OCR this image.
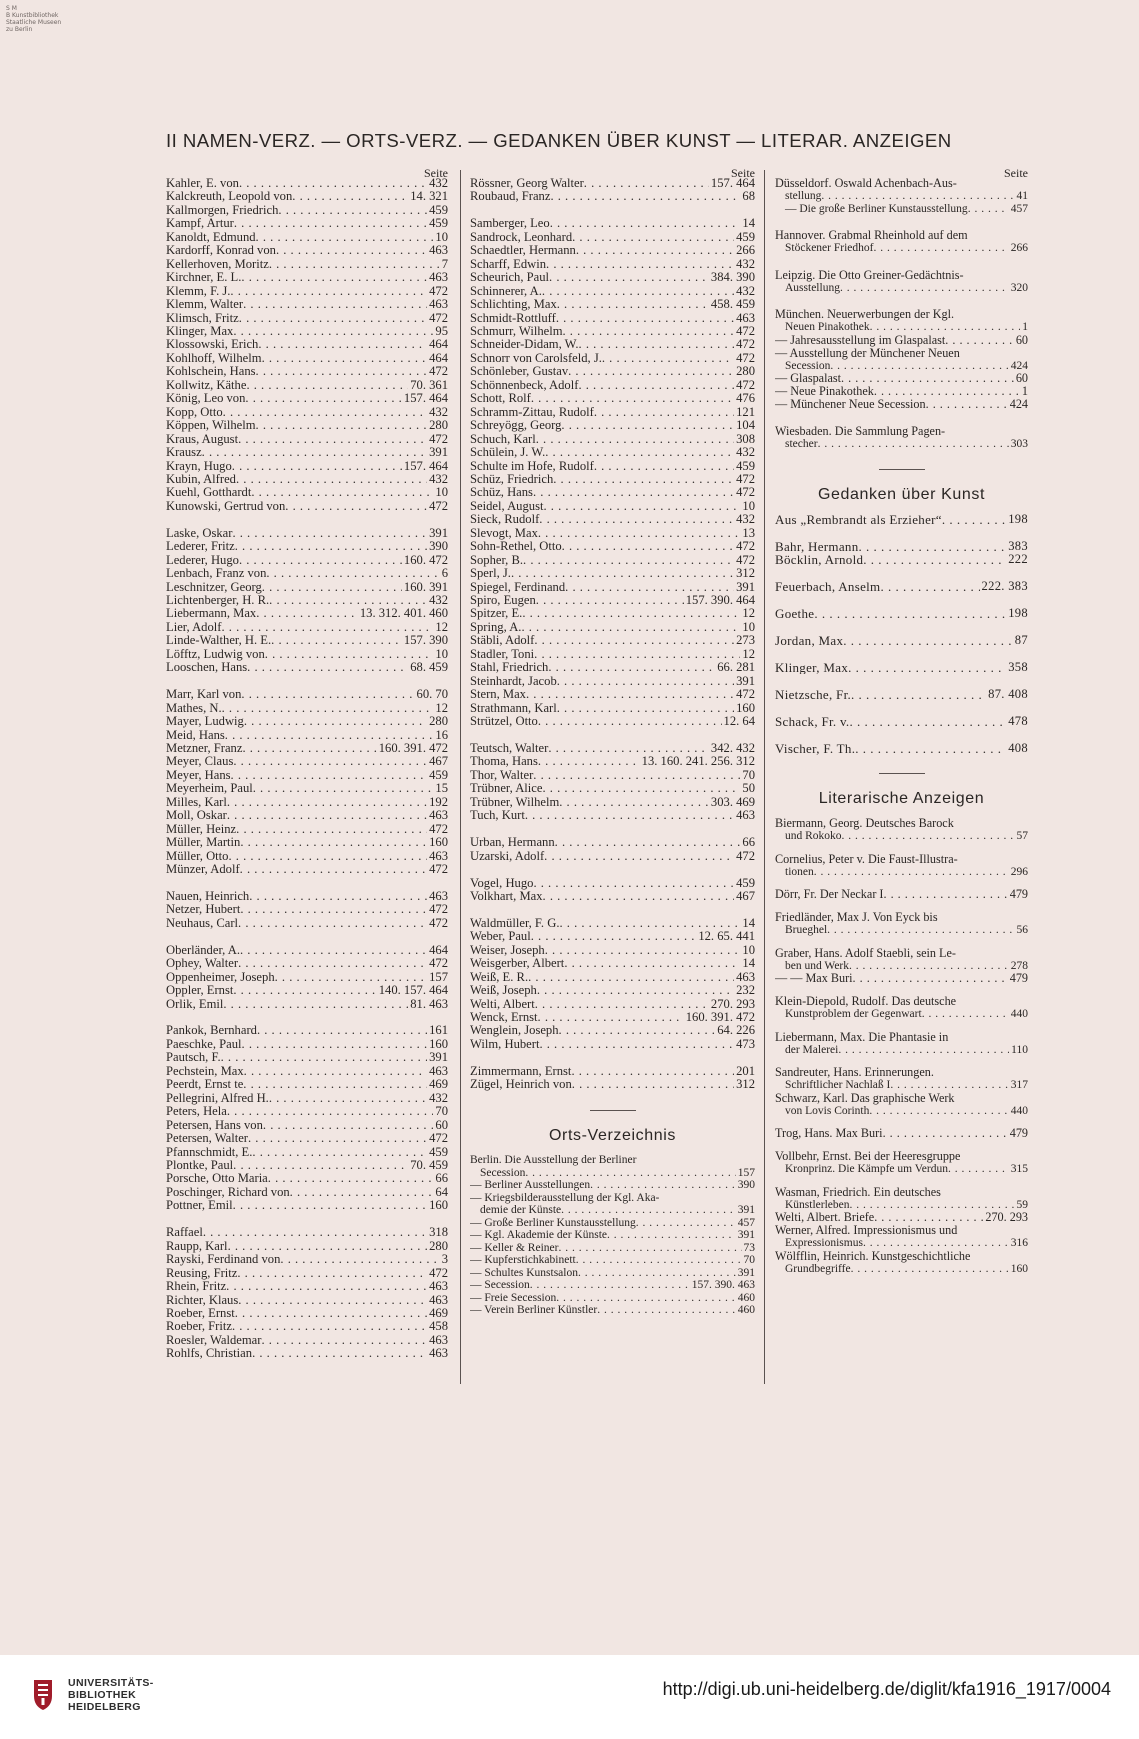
S M
B Kunstbibliothek
Staatliche Museen
zu Berlin
II NAMEN-VERZ. — ORTS-VERZ. — GEDANKEN ÜBER KUNST — LITERAR. ANZEIGEN
Seite
Kahler, E. von . . .	432
Kalckreuth, Leopold von . . .	14. 321
Kallmorgen, Friedrich . . .	459
Kampf, Artur . . .	459
Kanoldt, Edmund . . .	10
Kardorff, Konrad von . . .	463
Kellerhoven, Moritz . . .	7
Kirchner, E. L. . . .	463
Klemm, F. J. . . .	472
Klemm, Walter . . .	463
Klimsch, Fritz . . .	472
Klinger, Max . . .	95
Klossowski, Erich . . .	464
Kohlhoff, Wilhelm . . .	464
Kohlschein, Hans . . .	472
Kollwitz, Käthe . . .	70. 361
König, Leo von . . .	157. 464
Kopp, Otto . . .	432
Köppen, Wilhelm . . .	280
Kraus, August . . .	472
Krausz . . .	391
Krayn, Hugo . . .	157. 464
Kubin, Alfred . . .	432
Kuehl, Gotthardt . . .	10
Kunowski, Gertrud von . . .	472
Laske, Oskar . . .	391
Lederer, Fritz . . .	390
Lederer, Hugo . . .	160. 472
Lenbach, Franz von . . .	6
Leschnitzer, Georg . . .	160. 391
Lichtenberger, H. R. . . .	432
Liebermann, Max . . .	13. 312. 401. 460
Lier, Adolf . . .	12
Linde-Walther, H. E. . . .	157. 390
Löfftz, Ludwig von . . .	10
Looschen, Hans . . .	68. 459
Marr, Karl von . . .	60. 70
Mathes, N. . . .	12
Mayer, Ludwig . . .	280
Meid, Hans . . .	16
Metzner, Franz . . .	160. 391. 472
Meyer, Claus . . .	467
Meyer, Hans . . .	459
Meyerheim, Paul . . .	15
Milles, Karl . . .	192
Moll, Oskar . . .	463
Müller, Heinz . . .	472
Müller, Martin . . .	160
Müller, Otto . . .	463
Münzer, Adolf . . .	472
Nauen, Heinrich . . .	463
Netzer, Hubert . . .	472
Neuhaus, Carl . . .	472
Oberländer, A. . . .	464
Ophey, Walter . . .	472
Oppenheimer, Joseph . . .	157
Oppler, Ernst . . .	140. 157. 464
Orlik, Emil . . .	81. 463
Pankok, Bernhard . . .	161
Paeschke, Paul . . .	160
Pautsch, F. . . .	391
Pechstein, Max . . .	463
Peerdt, Ernst te . . .	469
Pellegrini, Alfred H. . . .	432
Peters, Hela . . .	70
Petersen, Hans von . . .	60
Petersen, Walter . . .	472
Pfannschmidt, E. . . .	459
Plontke, Paul . . .	70. 459
Porsche, Otto Maria . . .	66
Poschinger, Richard von . . .	64
Pottner, Emil . . .	160
Raffael . . .	318
Raupp, Karl . . .	280
Rayski, Ferdinand von . . .	3
Reusing, Fritz . . .	472
Rhein, Fritz . . .	463
Richter, Klaus . . .	463
Roeber, Ernst . . .	469
Roeber, Fritz . . .	458
Roesler, Waldemar . . .	463
Rohlfs, Christian . . .	463
Seite
Rössner, Georg Walter . . .	157. 464
Roubaud, Franz . . .	68
Samberger, Leo . . .	14
Sandrock, Leonhard . . .	459
Schaedtler, Hermann . . .	266
Scharff, Edwin . . .	432
Scheurich, Paul . . .	384. 390
Schinnerer, A. . . .	432
Schlichting, Max . . .	458. 459
Schmidt-Rottluff . . .	463
Schmurr, Wilhelm . . .	472
Schneider-Didam, W. . . .	472
Schnorr von Carolsfeld, J. . . .	472
Schönleber, Gustav . . .	280
Schönnenbeck, Adolf . . .	472
Schott, Rolf . . .	476
Schramm-Zittau, Rudolf . . .	121
Schreyögg, Georg . . .	104
Schuch, Karl . . .	308
Schülein, J. W. . . .	432
Schulte im Hofe, Rudolf . . .	459
Schüz, Friedrich . . .	472
Schüz, Hans . . .	472
Seidel, August . . .	10
Sieck, Rudolf . . .	432
Slevogt, Max . . .	13
Sohn-Rethel, Otto . . .	472
Sopher, B. . . .	472
Sperl, J. . . .	312
Spiegel, Ferdinand . . .	391
Spiro, Eugen . . .	157. 390. 464
Spitzer, E. . . .	12
Spring, A. . . .	10
Stäbli, Adolf . . .	273
Stadler, Toni . . .	12
Stahl, Friedrich . . .	66. 281
Steinhardt, Jacob . . .	391
Stern, Max . . .	472
Strathmann, Karl . . .	160
Strützel, Otto . . .	12. 64
Teutsch, Walter . . .	342. 432
Thoma, Hans . . .	13. 160. 241. 256. 312
Thor, Walter . . .	70
Trübner, Alice . . .	50
Trübner, Wilhelm . . .	303. 469
Tuch, Kurt . . .	463
Urban, Hermann . . .	66
Uzarski, Adolf . . .	472
Vogel, Hugo . . .	459
Volkhart, Max . . .	467
Waldmüller, F. G. . . .	14
Weber, Paul . . .	12. 65. 441
Weiser, Joseph . . .	10
Weisgerber, Albert . . .	14
Weiß, E. R. . . .	463
Weiß, Joseph . . .	232
Welti, Albert . . .	270. 293
Wenck, Ernst . . .	160. 391. 472
Wenglein, Joseph . . .	64. 226
Wilm, Hubert . . .	473
Zimmermann, Ernst . . .	201
Zügel, Heinrich von . . .	312
Orts-Verzeichnis
Berlin. Die Ausstellung der Berliner
Secession . . .	157
— Berliner Ausstellungen . . .	390
— Kriegsbilderausstellung der Kgl. Aka-
demie der Künste . . .	391
— Große Berliner Kunstausstellung . . .	457
— Kgl. Akademie der Künste . . .	391
— Keller & Reiner . . .	73
— Kupferstichkabinett . . .	70
— Schultes Kunstsalon . . .	391
— Secession . . .	157. 390. 463
— Freie Secession . . .	460
— Verein Berliner Künstler . . .	460
Seite
Düsseldorf. Oswald Achenbach-Aus-
stellung . . .	41
— Die große Berliner Kunstausstellung . . .	457
Hannover. Grabmal Rheinhold auf dem
Stöckener Friedhof . . .	266
Leipzig. Die Otto Greiner-Gedächtnis-
Ausstellung . . .	320
München. Neuerwerbungen der Kgl.
Neuen Pinakothek . . .	1
— Jahresausstellung im Glaspalast . . .	60
— Ausstellung der Münchener Neuen
Secession . . .	424
— Glaspalast . . .	60
— Neue Pinakothek . . .	1
— Münchener Neue Secession . . .	424
Wiesbaden. Die Sammlung Pagen-
stecher . . .	303
Gedanken über Kunst
Aus „Rembrandt als Erzieher“ . . .	198
Bahr, Hermann . . .	383
Böcklin, Arnold . . .	222
Feuerbach, Anselm . . .	222. 383
Goethe . . .	198
Jordan, Max . . .	87
Klinger, Max . . .	358
Nietzsche, Fr. . . .	87. 408
Schack, Fr. v. . . .	478
Vischer, F. Th. . . .	408
Literarische Anzeigen
Biermann, Georg. Deutsches Barock
und Rokoko . . .	57
Cornelius, Peter v. Die Faust-Illustra-
tionen . . .	296
Dörr, Fr. Der Neckar I . . .	479
Friedländer, Max J. Von Eyck bis
Brueghel . . .	56
Graber, Hans. Adolf Staebli, sein Le-
ben und Werk . . .	278
— — Max Buri . . .	479
Klein-Diepold, Rudolf. Das deutsche
Kunstproblem der Gegenwart . . .	440
Liebermann, Max. Die Phantasie in
der Malerei . . .	110
Sandreuter, Hans. Erinnerungen.
Schriftlicher Nachlaß I . . .	317
Schwarz, Karl. Das graphische Werk
von Lovis Corinth . . .	440
Trog, Hans. Max Buri . . .	479
Vollbehr, Ernst. Bei der Heeresgruppe
Kronprinz. Die Kämpfe um Verdun . . .	315
Wasman, Friedrich. Ein deutsches
Künstlerleben . . .	59
Welti, Albert. Briefe . . .	270. 293
Werner, Alfred. Impressionismus und
Expressionismus . . .	316
Wölfflin, Heinrich. Kunstgeschichtliche
Grundbegriffe . . .	160
UNIVERSITÄTS-
BIBLIOTHEK
HEIDELBERG
http://digi.ub.uni-heidelberg.de/diglit/kfa1916_1917/0004
